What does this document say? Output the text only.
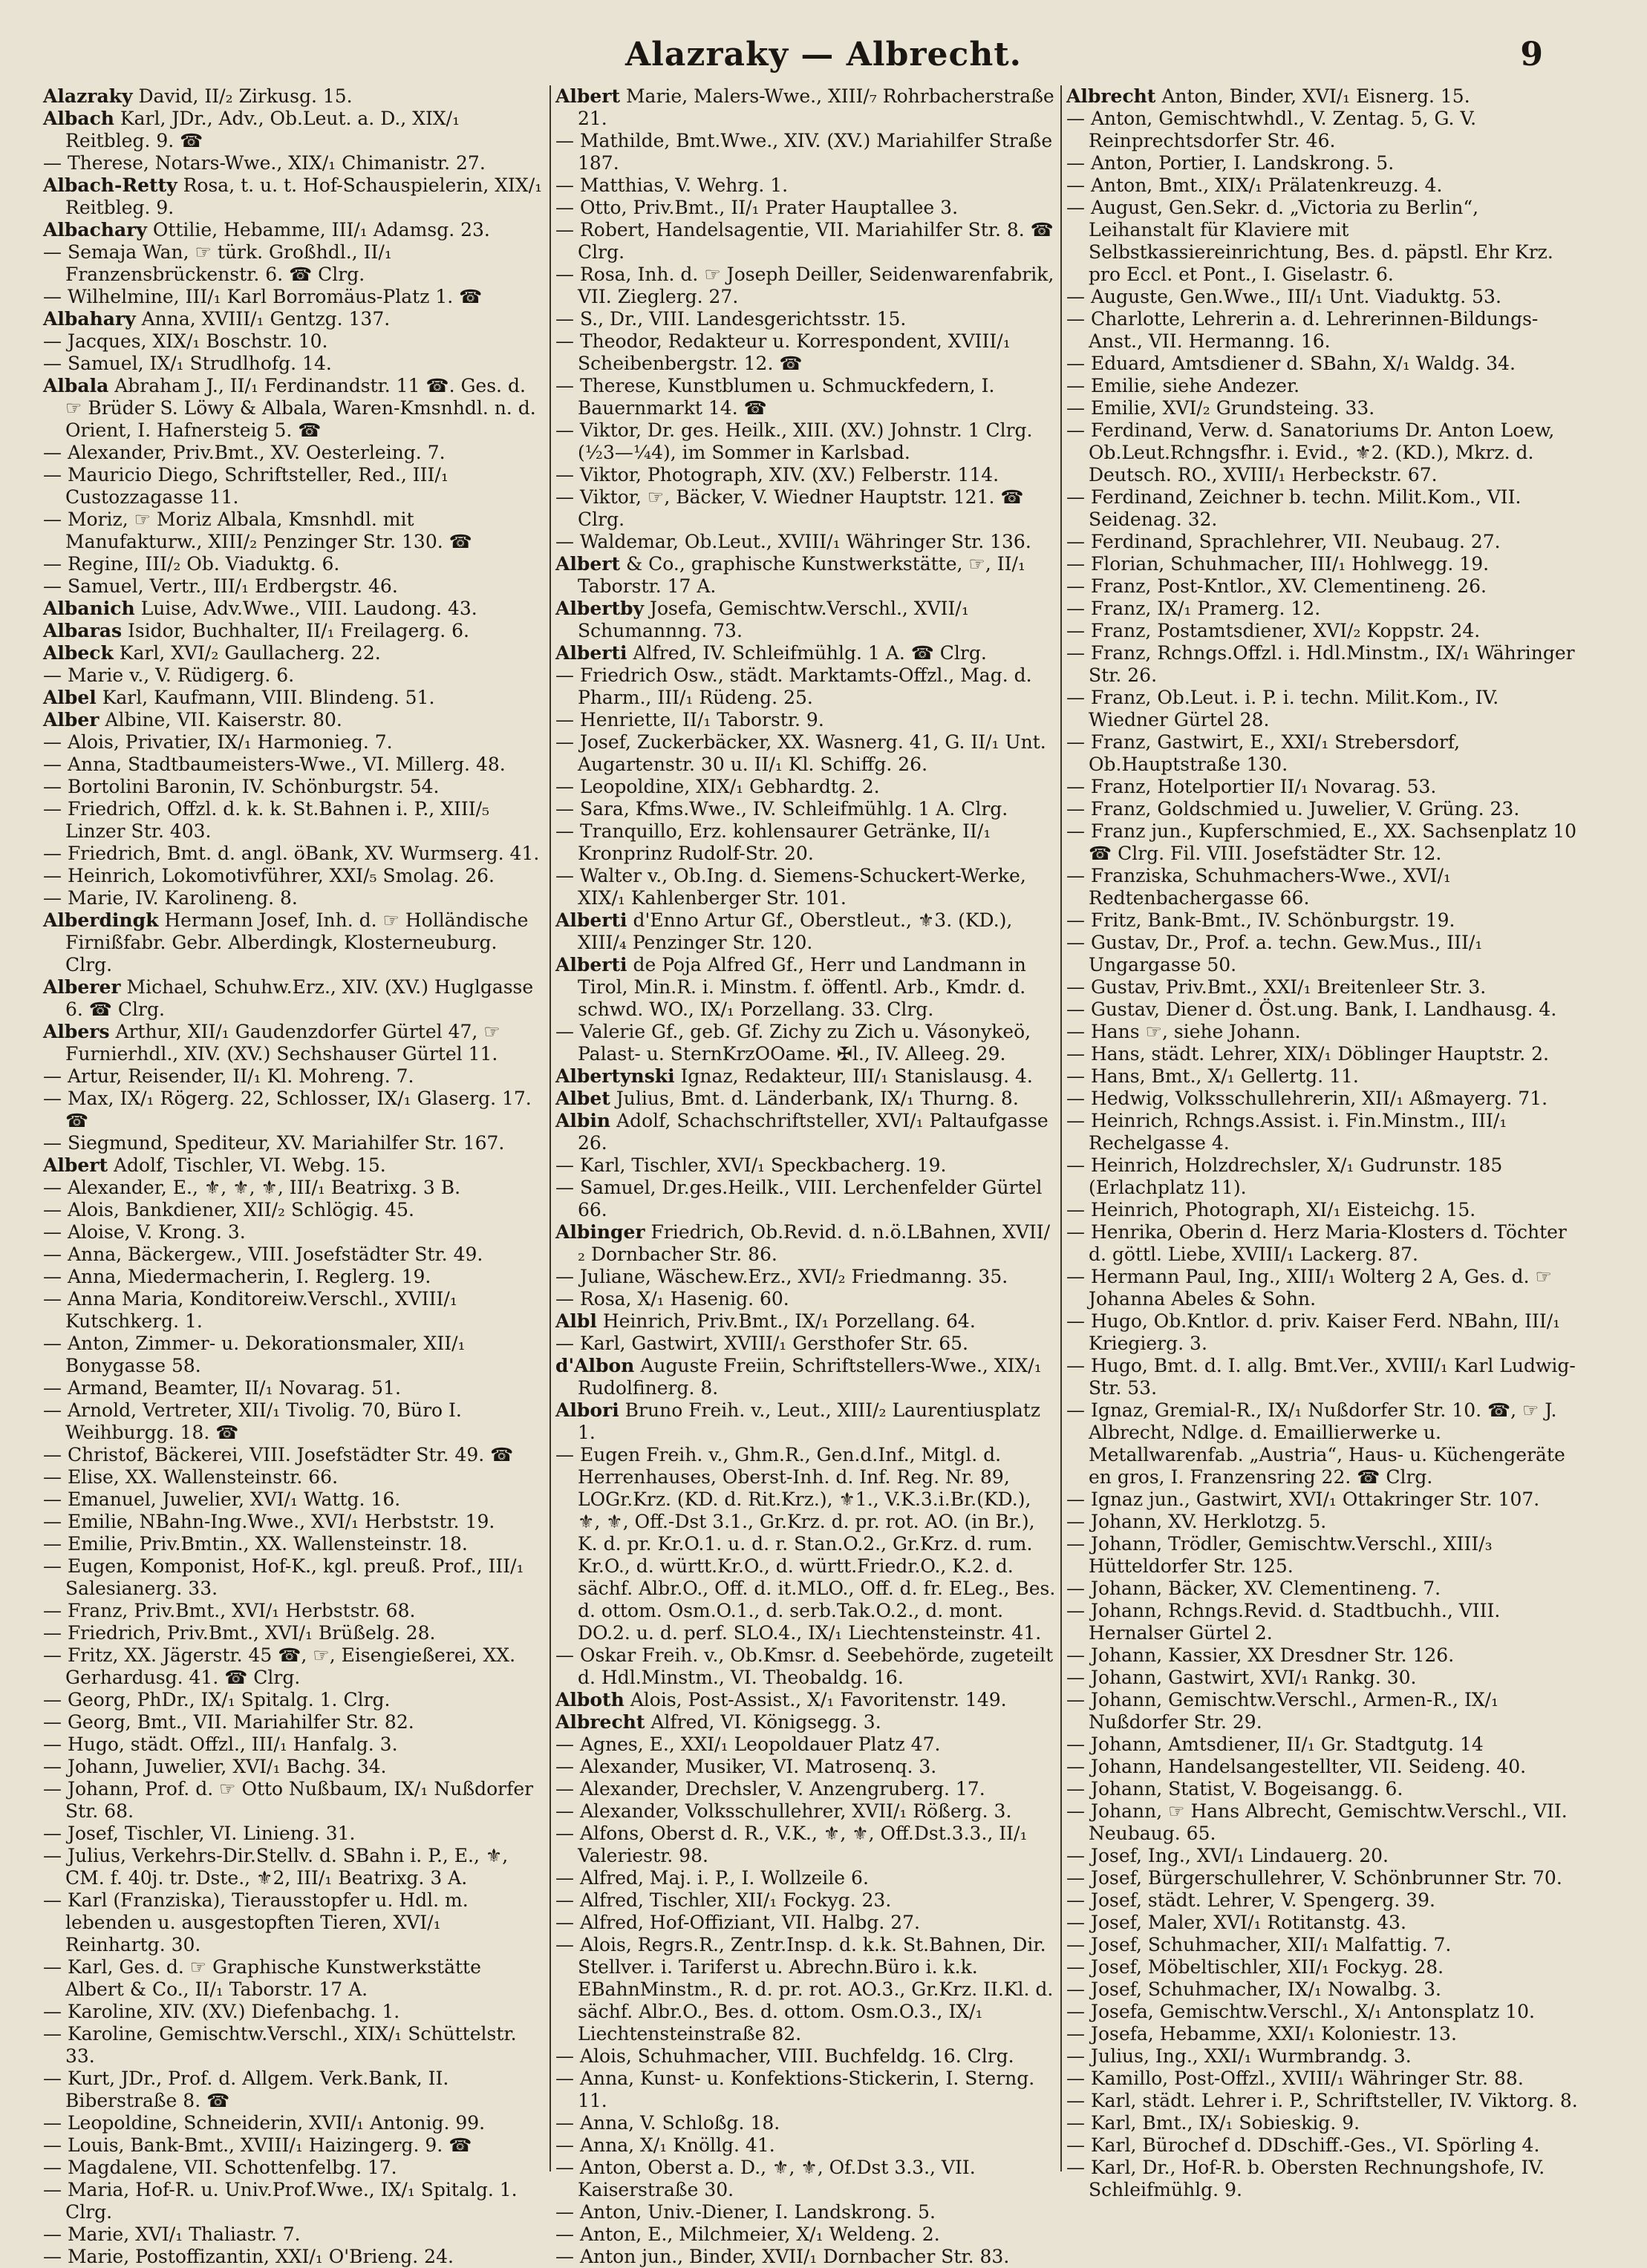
Alazraky — Albrecht.	9

Alazraky David, II/₂ Zirkusg. 15.

Albach Karl, JDr., Adv., Ob.Leut. a. D., XIX/₁ Reitbleg. 9. ☎

— Therese, Notars-Wwe., XIX/₁ Chimanistr. 27.

Albach-Retty Rosa, t. u. t. Hof-Schauspielerin, XIX/₁ Reitbleg. 9.

Albachary Ottilie, Hebamme, III/₁ Adamsg. 23.

— Semaja Wan, ☞ türk. Großhdl., II/₁ Franzensbrückenstr. 6. ☎ Clrg.

— Wilhelmine, III/₁ Karl Borromäus-Platz 1. ☎

Albahary Anna, XVIII/₁ Gentzg. 137.

— Jacques, XIX/₁ Boschstr. 10.

— Samuel, IX/₁ Strudlhofg. 14.

Albala Abraham J., II/₁ Ferdinandstr. 11 ☎. Ges. d. ☞ Brüder S. Löwy & Albala, Waren-Kmsnhdl. n. d. Orient, I. Hafnersteig 5. ☎

— Alexander, Priv.Bmt., XV. Oesterleing. 7.

— Mauricio Diego, Schriftsteller, Red., III/₁ Custozzagasse 11.

— Moriz, ☞ Moriz Albala, Kmsnhdl. mit Manufakturw., XIII/₂ Penzinger Str. 130. ☎

— Regine, III/₂ Ob. Viaduktg. 6.

— Samuel, Vertr., III/₁ Erdbergstr. 46.

Albanich Luise, Adv.Wwe., VIII. Laudong. 43.

Albaras Isidor, Buchhalter, II/₁ Freilagerg. 6.

Albeck Karl, XVI/₂ Gaullacherg. 22.

— Marie v., V. Rüdigerg. 6.

Albel Karl, Kaufmann, VIII. Blindeng. 51.

Alber Albine, VII. Kaiserstr. 80.

— Alois, Privatier, IX/₁ Harmonieg. 7.

— Anna, Stadtbaumeisters-Wwe., VI. Millerg. 48.

— Bortolini Baronin, IV. Schönburgstr. 54.

— Friedrich, Offzl. d. k. k. St.Bahnen i. P., XIII/₅ Linzer Str. 403.

— Friedrich, Bmt. d. angl. öBank, XV. Wurmserg. 41.

— Heinrich, Lokomotivführer, XXI/₅ Smolag. 26.

— Marie, IV. Karolineng. 8.

Alberdingk Hermann Josef, Inh. d. ☞ Holländische Firnißfabr. Gebr. Alberdingk, Klosterneuburg. Clrg.

Alberer Michael, Schuhw.Erz., XIV. (XV.) Huglgasse 6. ☎ Clrg.

Albers Arthur, XII/₁ Gaudenzdorfer Gürtel 47, ☞ Furnierhdl., XIV. (XV.) Sechshauser Gürtel 11.

— Artur, Reisender, II/₁ Kl. Mohreng. 7.

— Max, IX/₁ Rögerg. 22, Schlosser, IX/₁ Glaserg. 17. ☎

— Siegmund, Spediteur, XV. Mariahilfer Str. 167.

Albert Adolf, Tischler, VI. Webg. 15.

— Alexander, E., ⚜, ⚜, ⚜, III/₁ Beatrixg. 3 B.

— Alois, Bankdiener, XII/₂ Schlögig. 45.

— Aloise, V. Krong. 3.

— Anna, Bäckergew., VIII. Josefstädter Str. 49.

— Anna, Miedermacherin, I. Reglerg. 19.

— Anna Maria, Konditoreiw.Verschl., XVIII/₁ Kutschkerg. 1.

— Anton, Zimmer- u. Dekorationsmaler, XII/₁ Bonygasse 58.

— Armand, Beamter, II/₁ Novarag. 51.

— Arnold, Vertreter, XII/₁ Tivolig. 70, Büro I. Weihburgg. 18. ☎

— Christof, Bäckerei, VIII. Josefstädter Str. 49. ☎

— Elise, XX. Wallensteinstr. 66.

— Emanuel, Juwelier, XVI/₁ Wattg. 16.

— Emilie, NBahn-Ing.Wwe., XVI/₁ Herbststr. 19.

— Emilie, Priv.Bmtin., XX. Wallensteinstr. 18.

— Eugen, Komponist, Hof-K., kgl. preuß. Prof., III/₁ Salesianerg. 33.

— Franz, Priv.Bmt., XVI/₁ Herbststr. 68.

— Friedrich, Priv.Bmt., XVI/₁ Brüßelg. 28.

— Fritz, XX. Jägerstr. 45 ☎, ☞, Eisengießerei, XX. Gerhardusg. 41. ☎ Clrg.

— Georg, PhDr., IX/₁ Spitalg. 1. Clrg.

— Georg, Bmt., VII. Mariahilfer Str. 82.

— Hugo, städt. Offzl., III/₁ Hanfalg. 3.

— Johann, Juwelier, XVI/₁ Bachg. 34.

— Johann, Prof. d. ☞ Otto Nußbaum, IX/₁ Nußdorfer Str. 68.

— Josef, Tischler, VI. Linieng. 31.

— Julius, Verkehrs-Dir.Stellv. d. SBahn i. P., E., ⚜, CM. f. 40j. tr. Dste., ⚜2, III/₁ Beatrixg. 3 A.

— Karl (Franziska), Tierausstopfer u. Hdl. m. lebenden u. ausgestopften Tieren, XVI/₁ Reinhartg. 30.

— Karl, Ges. d. ☞ Graphische Kunstwerkstätte Albert & Co., II/₁ Taborstr. 17 A.

— Karoline, XIV. (XV.) Diefenbachg. 1.

— Karoline, Gemischtw.Verschl., XIX/₁ Schüttelstr. 33.

— Kurt, JDr., Prof. d. Allgem. Verk.Bank, II. Biberstraße 8. ☎

— Leopoldine, Schneiderin, XVII/₁ Antonig. 99.

— Louis, Bank-Bmt., XVIII/₁ Haizingerg. 9. ☎

— Magdalene, VII. Schottenfelbg. 17.

— Maria, Hof-R. u. Univ.Prof.Wwe., IX/₁ Spitalg. 1. Clrg.

— Marie, XVI/₁ Thaliastr. 7.

— Marie, Postoffizantin, XXI/₁ O'Brieng. 24.

Albert Marie, Malers-Wwe., XIII/₇ Rohrbacherstraße 21.

— Mathilde, Bmt.Wwe., XIV. (XV.) Mariahilfer Straße 187.

— Matthias, V. Wehrg. 1.

— Otto, Priv.Bmt., II/₁ Prater Hauptallee 3.

— Robert, Handelsagentie, VII. Mariahilfer Str. 8. ☎ Clrg.

— Rosa, Inh. d. ☞ Joseph Deiller, Seidenwarenfabrik, VII. Zieglerg. 27.

— S., Dr., VIII. Landesgerichtsstr. 15.

— Theodor, Redakteur u. Korrespondent, XVIII/₁ Scheibenbergstr. 12. ☎

— Therese, Kunstblumen u. Schmuckfedern, I. Bauernmarkt 14. ☎

— Viktor, Dr. ges. Heilk., XIII. (XV.) Johnstr. 1 Clrg. (½3—¼4), im Sommer in Karlsbad.

— Viktor, Photograph, XIV. (XV.) Felberstr. 114.

— Viktor, ☞, Bäcker, V. Wiedner Hauptstr. 121. ☎ Clrg.

— Waldemar, Ob.Leut., XVIII/₁ Währinger Str. 136.

Albert & Co., graphische Kunstwerkstätte, ☞, II/₁ Taborstr. 17 A.

Albertby Josefa, Gemischtw.Verschl., XVII/₁ Schumannng. 73.

Alberti Alfred, IV. Schleifmühlg. 1 A. ☎ Clrg.

— Friedrich Osw., städt. Marktamts-Offzl., Mag. d. Pharm., III/₁ Rüdeng. 25.

— Henriette, II/₁ Taborstr. 9.

— Josef, Zuckerbäcker, XX. Wasnerg. 41, G. II/₁ Unt. Augartenstr. 30 u. II/₁ Kl. Schiffg. 26.

— Leopoldine, XIX/₁ Gebhardtg. 2.

— Sara, Kfms.Wwe., IV. Schleifmühlg. 1 A. Clrg.

— Tranquillo, Erz. kohlensaurer Getränke, II/₁ Kronprinz Rudolf-Str. 20.

— Walter v., Ob.Ing. d. Siemens-Schuckert-Werke, XIX/₁ Kahlenberger Str. 101.

Alberti d'Enno Artur Gf., Oberstleut., ⚜3. (KD.), XIII/₄ Penzinger Str. 120.

Alberti de Poja Alfred Gf., Herr und Landmann in Tirol, Min.R. i. Minstm. f. öffentl. Arb., Kmdr. d. schwd. WO., IX/₁ Porzellang. 33. Clrg.

— Valerie Gf., geb. Gf. Zichy zu Zich u. Vásonykeö, Palast- u. SternKrzOOame. ✠l., IV. Alleeg. 29.

Albertynski Ignaz, Redakteur, III/₁ Stanislausg. 4.

Albet Julius, Bmt. d. Länderbank, IX/₁ Thurng. 8.

Albin Adolf, Schachschriftsteller, XVI/₁ Paltaufgasse 26.

— Karl, Tischler, XVI/₁ Speckbacherg. 19.

— Samuel, Dr.ges.Heilk., VIII. Lerchenfelder Gürtel 66.

Albinger Friedrich, Ob.Revid. d. n.ö.LBahnen, XVII/₂ Dornbacher Str. 86.

— Juliane, Wäschew.Erz., XVI/₂ Friedmanng. 35.

— Rosa, X/₁ Hasenig. 60.

Albl Heinrich, Priv.Bmt., IX/₁ Porzellang. 64.

— Karl, Gastwirt, XVIII/₁ Gersthofer Str. 65.

d'Albon Auguste Freiin, Schriftstellers-Wwe., XIX/₁ Rudolfinerg. 8.

Albori Bruno Freih. v., Leut., XIII/₂ Laurentiusplatz 1.

— Eugen Freih. v., Ghm.R., Gen.d.Inf., Mitgl. d. Herrenhauses, Oberst-Inh. d. Inf. Reg. Nr. 89, LOGr.Krz. (KD. d. Rit.Krz.), ⚜1., V.K.3.i.Br.(KD.), ⚜, ⚜, Off.-Dst 3.1., Gr.Krz. d. pr. rot. AO. (in Br.), K. d. pr. Kr.O.1. u. d. r. Stan.O.2., Gr.Krz. d. rum. Kr.O., d. württ.Kr.O., d. württ.Friedr.O., K.2. d. sächf. Albr.O., Off. d. it.MLO., Off. d. fr. ELeg., Bes. d. ottom. Osm.O.1., d. serb.Tak.O.2., d. mont. DO.2. u. d. perf. SLO.4., IX/₁ Liechtensteinstr. 41.

— Oskar Freih. v., Ob.Kmsr. d. Seebehörde, zugeteilt d. Hdl.Minstm., VI. Theobaldg. 16.

Alboth Alois, Post-Assist., X/₁ Favoritenstr. 149.

Albrecht Alfred, VI. Königsegg. 3.

— Agnes, E., XXI/₁ Leopoldauer Platz 47.

— Alexander, Musiker, VI. Matrosenq. 3.

— Alexander, Drechsler, V. Anzengruberg. 17.

— Alexander, Volksschullehrer, XVII/₁ Rößerg. 3.

— Alfons, Oberst d. R., V.K., ⚜, ⚜, Off.Dst.3.3., II/₁ Valeriestr. 98.

— Alfred, Maj. i. P., I. Wollzeile 6.

— Alfred, Tischler, XII/₁ Fockyg. 23.

— Alfred, Hof-Offiziant, VII. Halbg. 27.

— Alois, Regrs.R., Zentr.Insp. d. k.k. St.Bahnen, Dir. Stellver. i. Tariferst u. Abrechn.Büro i. k.k. EBahnMinstm., R. d. pr. rot. AO.3., Gr.Krz. II.Kl. d. sächf. Albr.O., Bes. d. ottom. Osm.O.3., IX/₁ Liechtensteinstraße 82.

— Alois, Schuhmacher, VIII. Buchfeldg. 16. Clrg.

— Anna, Kunst- u. Konfektions-Stickerin, I. Sterng. 11.

— Anna, V. Schloßg. 18.

— Anna, X/₁ Knöllg. 41.

— Anton, Oberst a. D., ⚜, ⚜, Of.Dst 3.3., VII. Kaiserstraße 30.

— Anton, Univ.-Diener, I. Landskrong. 5.

— Anton, E., Milchmeier, X/₁ Weldeng. 2.

— Anton jun., Binder, XVII/₁ Dornbacher Str. 83.

Albrecht Anton, Binder, XVI/₁ Eisnerg. 15.

— Anton, Gemischtwhdl., V. Zentag. 5, G. V. Reinprechtsdorfer Str. 46.

— Anton, Portier, I. Landskrong. 5.

— Anton, Bmt., XIX/₁ Prälatenkreuzg. 4.

— August, Gen.Sekr. d. „Victoria zu Berlin“, Leihanstalt für Klaviere mit Selbstkassiereinrichtung, Bes. d. päpstl. Ehr Krz. pro Eccl. et Pont., I. Giselastr. 6.

— Auguste, Gen.Wwe., III/₁ Unt. Viaduktg. 53.

— Charlotte, Lehrerin a. d. Lehrerinnen-Bildungs-Anst., VII. Hermanng. 16.

— Eduard, Amtsdiener d. SBahn, X/₁ Waldg. 34.

— Emilie, siehe Andezer.

— Emilie, XVI/₂ Grundsteing. 33.

— Ferdinand, Verw. d. Sanatoriums Dr. Anton Loew, Ob.Leut.Rchngsfhr. i. Evid., ⚜2. (KD.), Mkrz. d. Deutsch. RO., XVIII/₁ Herbeckstr. 67.

— Ferdinand, Zeichner b. techn. Milit.Kom., VII. Seidenag. 32.

— Ferdinand, Sprachlehrer, VII. Neubaug. 27.

— Florian, Schuhmacher, III/₁ Hohlwegg. 19.

— Franz, Post-Kntlor., XV. Clementineng. 26.

— Franz, IX/₁ Pramerg. 12.

— Franz, Postamtsdiener, XVI/₂ Koppstr. 24.

— Franz, Rchngs.Offzl. i. Hdl.Minstm., IX/₁ Währinger Str. 26.

— Franz, Ob.Leut. i. P. i. techn. Milit.Kom., IV. Wiedner Gürtel 28.

— Franz, Gastwirt, E., XXI/₁ Strebersdorf, Ob.Hauptstraße 130.

— Franz, Hotelportier II/₁ Novarag. 53.

— Franz, Goldschmied u. Juwelier, V. Grüng. 23.

— Franz jun., Kupferschmied, E., XX. Sachsenplatz 10 ☎ Clrg. Fil. VIII. Josefstädter Str. 12.

— Franziska, Schuhmachers-Wwe., XVI/₁ Redtenbachergasse 66.

— Fritz, Bank-Bmt., IV. Schönburgstr. 19.

— Gustav, Dr., Prof. a. techn. Gew.Mus., III/₁ Ungargasse 50.

— Gustav, Priv.Bmt., XXI/₁ Breitenleer Str. 3.

— Gustav, Diener d. Öst.ung. Bank, I. Landhausg. 4.

— Hans ☞, siehe Johann.

— Hans, städt. Lehrer, XIX/₁ Döblinger Hauptstr. 2.

— Hans, Bmt., X/₁ Gellertg. 11.

— Hedwig, Volksschullehrerin, XII/₁ Aßmayerg. 71.

— Heinrich, Rchngs.Assist. i. Fin.Minstm., III/₁ Rechelgasse 4.

— Heinrich, Holzdrechsler, X/₁ Gudrunstr. 185 (Erlachplatz 11).

— Heinrich, Photograph, XI/₁ Eisteichg. 15.

— Henrika, Oberin d. Herz Maria-Klosters d. Töchter d. göttl. Liebe, XVIII/₁ Lackerg. 87.

— Hermann Paul, Ing., XIII/₁ Wolterg 2 A, Ges. d. ☞ Johanna Abeles & Sohn.

— Hugo, Ob.Kntlor. d. priv. Kaiser Ferd. NBahn, III/₁ Kriegierg. 3.

— Hugo, Bmt. d. I. allg. Bmt.Ver., XVIII/₁ Karl Ludwig-Str. 53.

— Ignaz, Gremial-R., IX/₁ Nußdorfer Str. 10. ☎, ☞ J. Albrecht, Ndlge. d. Emaillierwerke u. Metallwarenfab. „Austria“, Haus- u. Küchengeräte en gros, I. Franzensring 22. ☎ Clrg.

— Ignaz jun., Gastwirt, XVI/₁ Ottakringer Str. 107.

— Johann, XV. Herklotzg. 5.

— Johann, Trödler, Gemischtw.Verschl., XIII/₃ Hütteldorfer Str. 125.

— Johann, Bäcker, XV. Clementineng. 7.

— Johann, Rchngs.Revid. d. Stadtbuchh., VIII. Hernalser Gürtel 2.

— Johann, Kassier, XX Dresdner Str. 126.

— Johann, Gastwirt, XVI/₁ Rankg. 30.

— Johann, Gemischtw.Verschl., Armen-R., IX/₁ Nußdorfer Str. 29.

— Johann, Amtsdiener, II/₁ Gr. Stadtgutg. 14

— Johann, Handelsangestellter, VII. Seideng. 40.

— Johann, Statist, V. Bogeisangg. 6.

— Johann, ☞ Hans Albrecht, Gemischtw.Verschl., VII. Neubaug. 65.

— Josef, Ing., XVI/₁ Lindauerg. 20.

— Josef, Bürgerschullehrer, V. Schönbrunner Str. 70.

— Josef, städt. Lehrer, V. Spengerg. 39.

— Josef, Maler, XVI/₁ Rotitanstg. 43.

— Josef, Schuhmacher, XII/₁ Malfattig. 7.

— Josef, Möbeltischler, XII/₁ Fockyg. 28.

— Josef, Schuhmacher, IX/₁ Nowalbg. 3.

— Josefa, Gemischtw.Verschl., X/₁ Antonsplatz 10.

— Josefa, Hebamme, XXI/₁ Koloniestr. 13.

— Julius, Ing., XXI/₁ Wurmbrandg. 3.

— Kamillo, Post-Offzl., XVIII/₁ Währinger Str. 88.

— Karl, städt. Lehrer i. P., Schriftsteller, IV. Viktorg. 8.

— Karl, Bmt., IX/₁ Sobieskig. 9.

— Karl, Bürochef d. DDschiff.-Ges., VI. Spörling 4.

— Karl, Dr., Hof-R. b. Obersten Rechnungshofe, IV. Schleifmühlg. 9.
